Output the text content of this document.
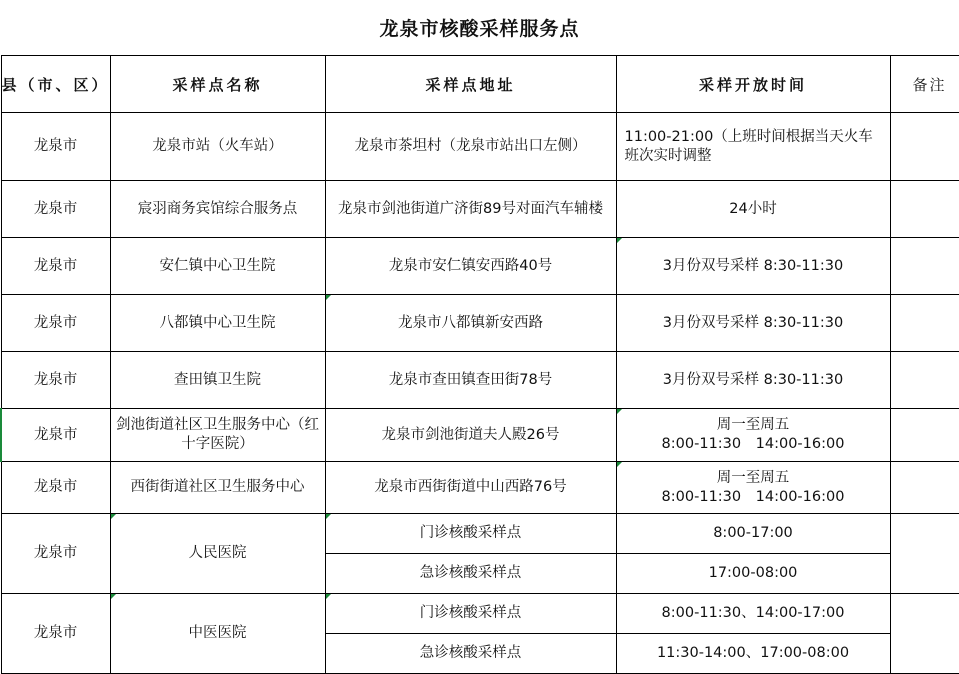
龙泉市核酸采样服务点
县（市、区）	采样点名称	采样点地址	采样开放时间	备注
龙泉市	龙泉市站（火车站）	龙泉市茶坦村（龙泉市站出口左侧）	11:00-21:00（上班时间根据当天火车班次实时调整	
龙泉市	宸羽商务宾馆综合服务点	龙泉市剑池街道广济街89号对面汽车辅楼	24小时	
龙泉市	安仁镇中心卫生院	龙泉市安仁镇安西路40号	3月份双号采样 8:30-11:30	
龙泉市	八都镇中心卫生院	龙泉市八都镇新安西路	3月份双号采样 8:30-11:30	
龙泉市	查田镇卫生院	龙泉市查田镇查田街78号	3月份双号采样 8:30-11:30	
龙泉市	剑池街道社区卫生服务中心（红十字医院）	龙泉市剑池街道夫人殿26号	周一至周五
8:00-11:30　14:00-16:00	

龙泉市	西街街道社区卫生服务中心	龙泉市西街街道中山西路76号	周一至周五
8:00-11:30　14:00-16:00	

龙泉市	人民医院	门诊核酸采样点	8:00-17:00	
		急诊核酸采样点	17:00-08:00	
龙泉市	中医医院	门诊核酸采样点	8:00-11:30、14:00-17:00	
		急诊核酸采样点	11:30-14:00、17:00-08:00	
